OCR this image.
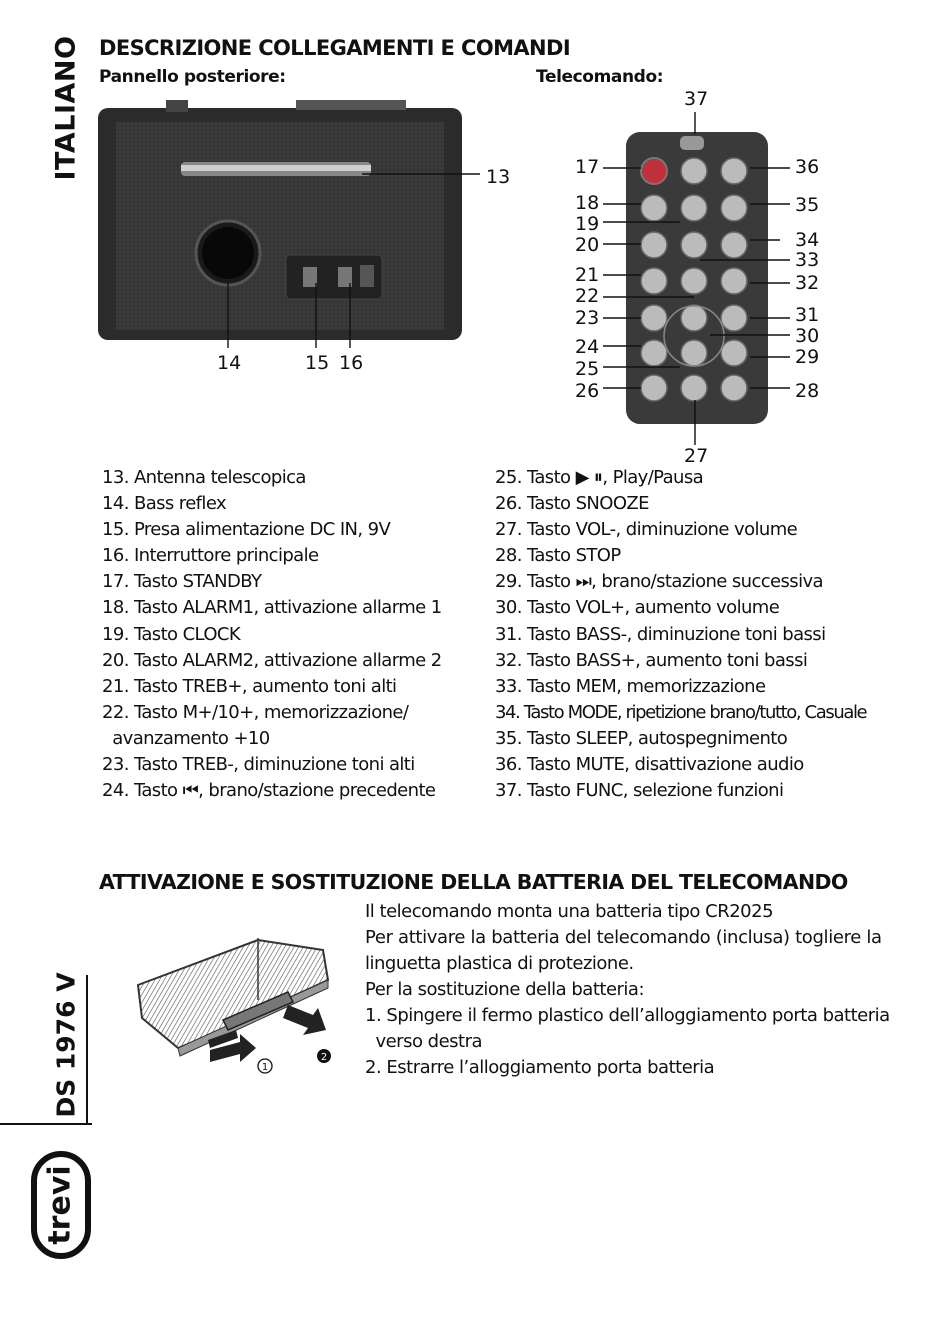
ITALIANO
DS 1976 V
trevi
DESCRIZIONE COLLEGAMENTI E COMANDI

Pannello posteriore:	Telecomando:

13
14	15 16
37
17
18
19
20
21
22
23
24
25
26
27
36
35
34
33
32
31
30
29
28
13. Antenna telescopica
14. Bass reflex
15. Presa alimentazione DC IN, 9V
16. Interruttore principale
17. Tasto STANDBY
18. Tasto ALARM1, attivazione allarme 1
19. Tasto CLOCK
20. Tasto ALARM2, attivazione allarme 2
21. Tasto TREB+, aumento toni alti
22. Tasto M+/10+, memorizzazione/
avanzamento +10
23. Tasto TREB-, diminuzione toni alti
24. Tasto ⏮, brano/stazione precedente
25. Tasto ▶ ⏸, Play/Pausa
26. Tasto SNOOZE
27. Tasto VOL-, diminuzione volume
28. Tasto STOP
29. Tasto ⏭, brano/stazione successiva
30. Tasto VOL+, aumento volume
31. Tasto BASS-, diminuzione toni bassi
32. Tasto BASS+, aumento toni bassi
33. Tasto MEM, memorizzazione
34. Tasto MODE, ripetizione brano/tutto, Casuale
35. Tasto SLEEP, autospegnimento
36. Tasto MUTE, disattivazione audio
37. Tasto FUNC, selezione funzioni
ATTIVAZIONE E SOSTITUZIONE DELLA BATTERIA DEL TELECOMANDO
1
2
Il telecomando monta una batteria tipo CR2025
Per attivare la batteria del telecomando (inclusa) togliere la
linguetta plastica di protezione.
Per la sostituzione della batteria:
1. Spingere il fermo plastico dell’alloggiamento porta batteria
verso destra
2. Estrarre l’alloggiamento porta batteria
